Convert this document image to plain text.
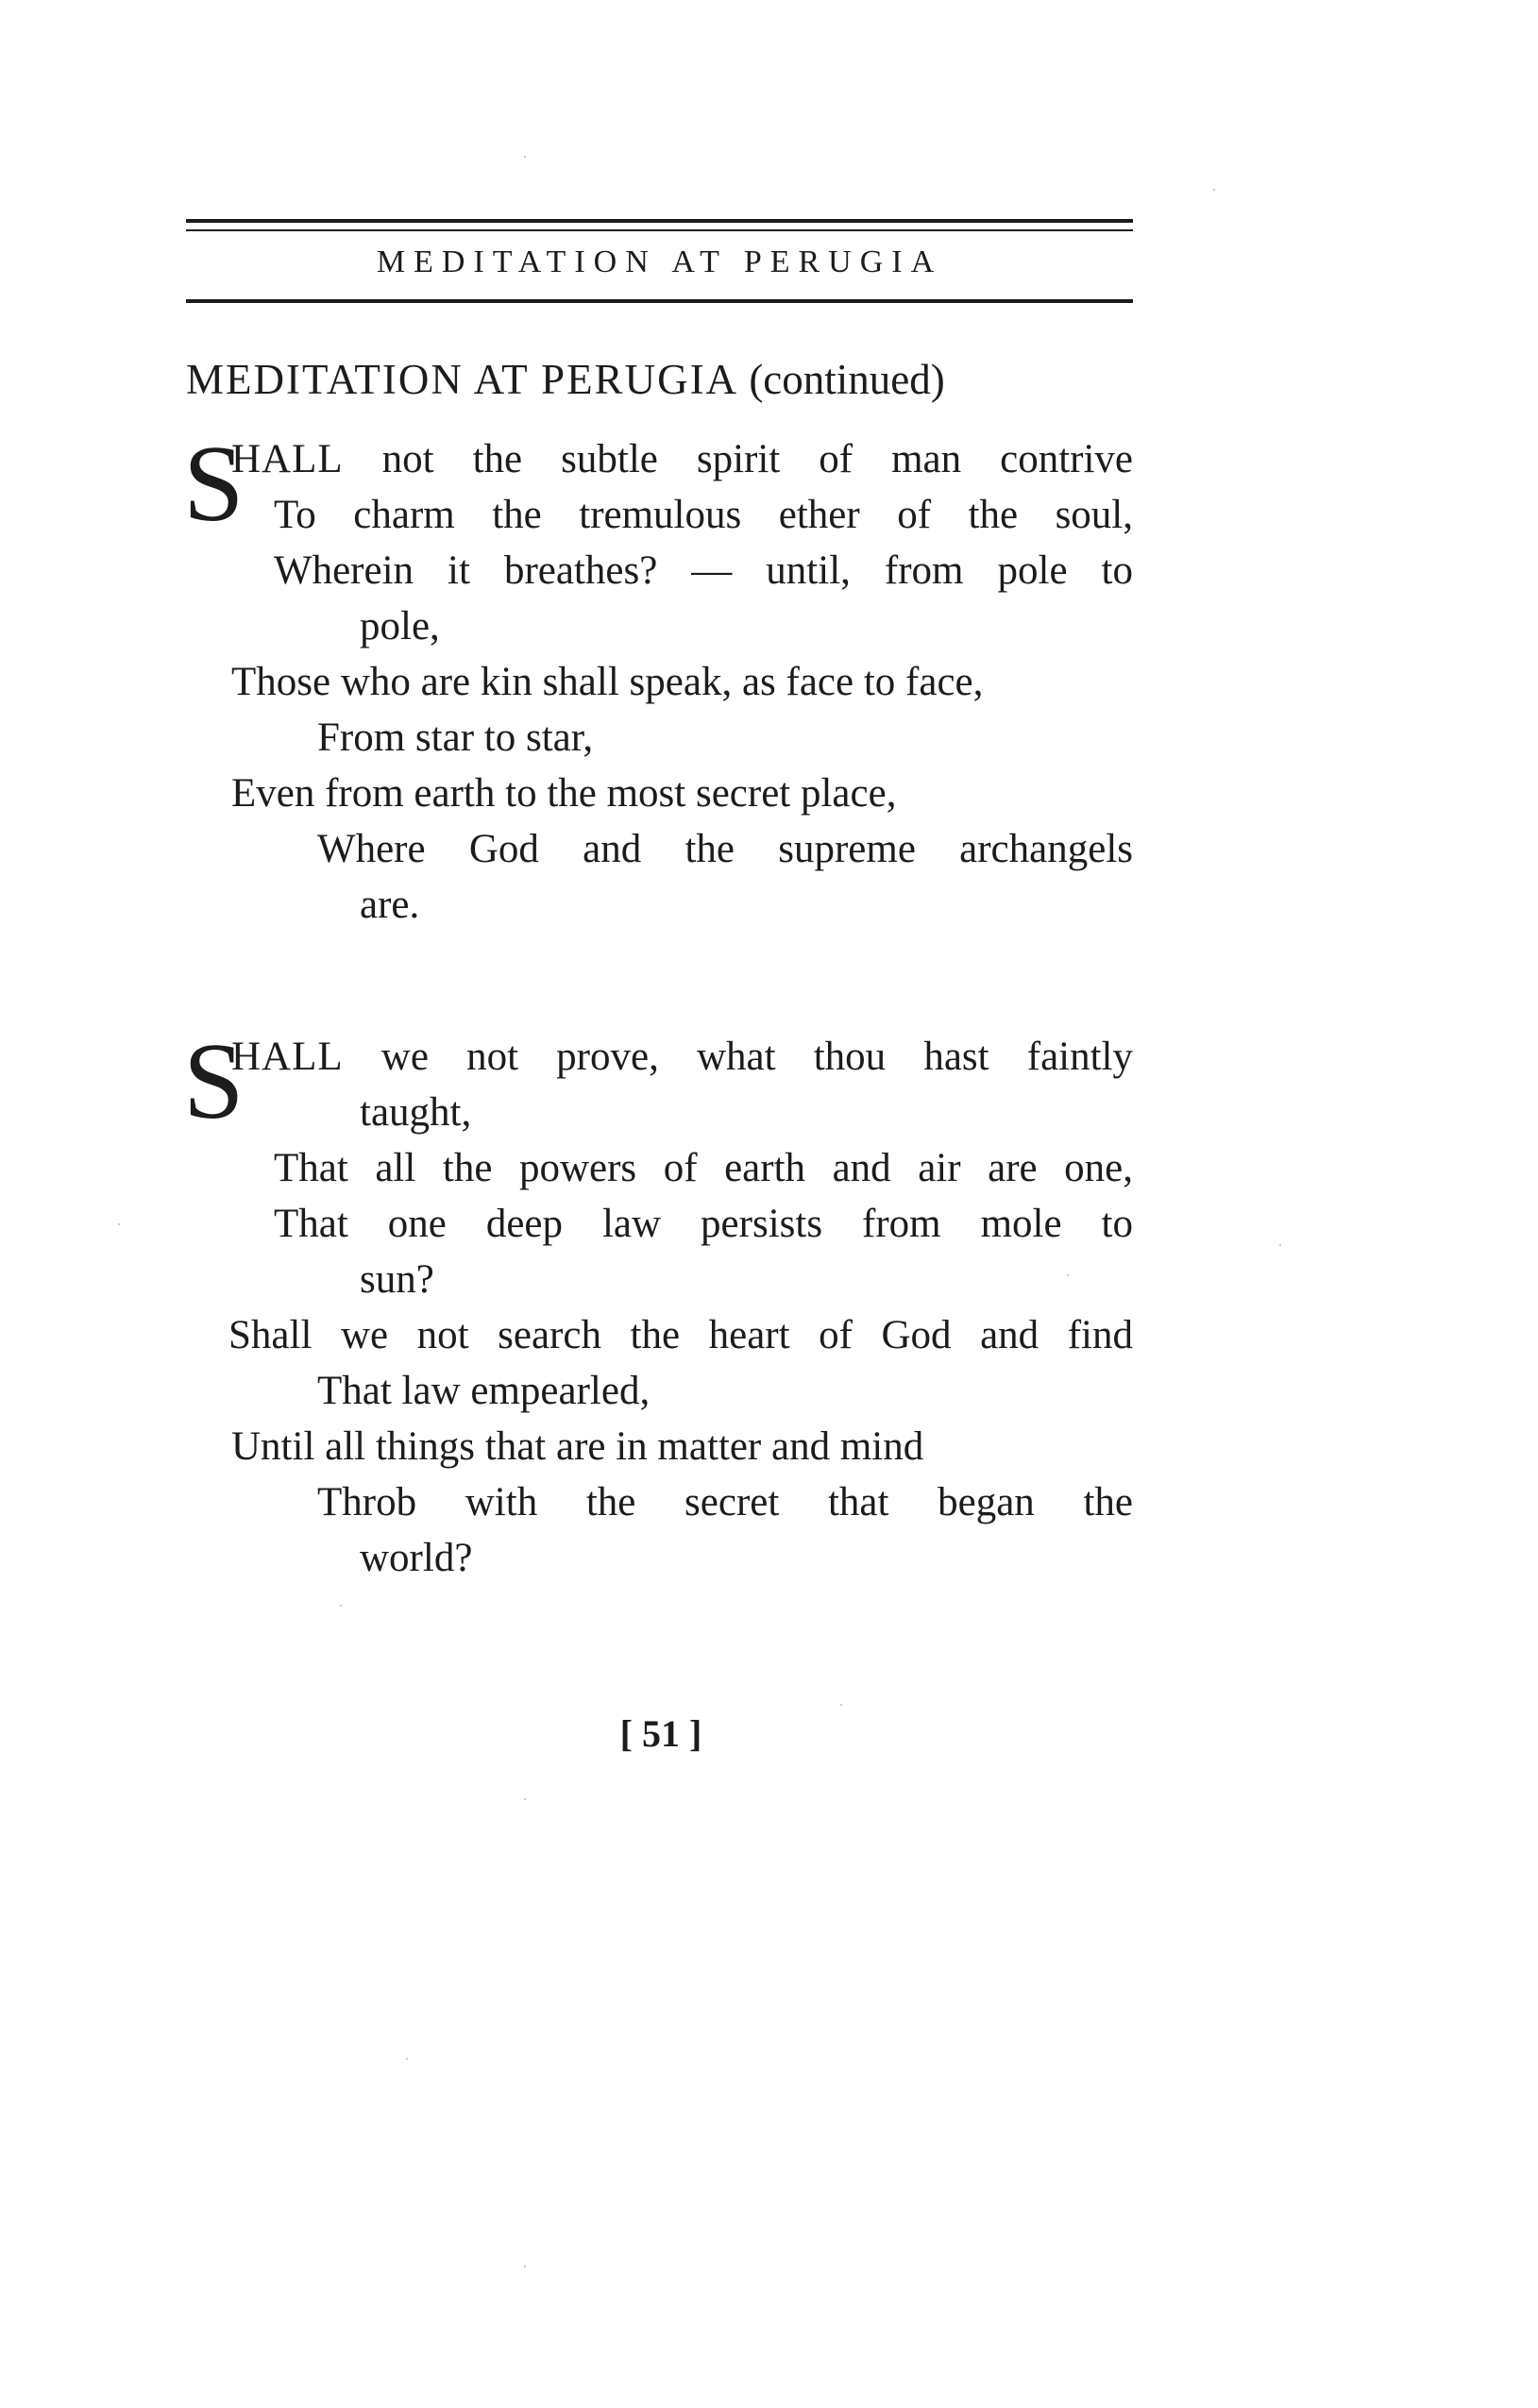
MEDITATION AT PERUGIA
MEDITATION AT PERUGIA (continued)
S
HALL not the subtle spirit of man contrive
To charm the tremulous ether of the soul,
Wherein it breathes? — until, from pole to
pole,
Those who are kin shall speak, as face to face,
From star to star,
Even from earth to the most secret place,
Where God and the supreme archangels
are.
S
HALL we not prove, what thou hast faintly
taught,
That all the powers of earth and air are one,
That one deep law persists from mole to
sun?
Shall we not search the heart of God and find
That law empearled,
Until all things that are in matter and mind
Throb with the secret that began the
world?
[ 51 ]
